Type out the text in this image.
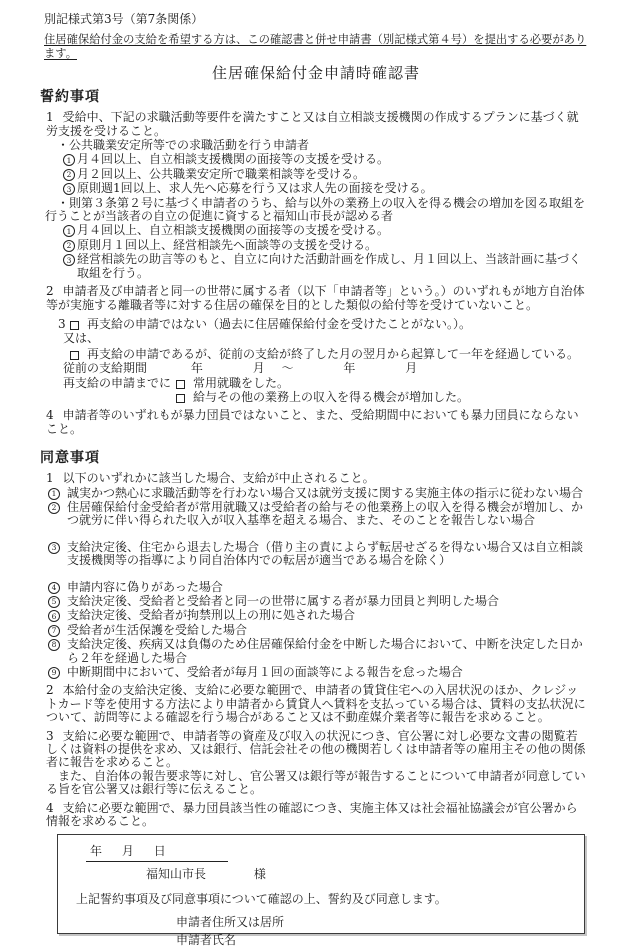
別記様式第3号（第7条関係）
住居確保給付金の支給を希望する方は、この確認書と併せ申請書（別記様式第４号）を提出する必要があります。
住居確保給付金申請時確認書
誓約事項
1 受給中、下記の求職活動等要件を満たすこと又は自立相談支援機関の作成するプランに基づく就労支援を受けること。
・公共職業安定所等での求職活動を行う申請者
1 月４回以上、自立相談支援機関の面接等の支援を受ける。
2 月２回以上、公共職業安定所で職業相談等を受ける。
3 原則週1回以上、求人先へ応募を行う又は求人先の面接を受ける。
・則第３条第２号に基づく申請者のうち、給与以外の業務上の収入を得る機会の増加を図る取組を行うことが当該者の自立の促進に資すると福知山市長が認める者
1 月４回以上、自立相談支援機関の面接等の支援を受ける。
2 原則月１回以上、経営相談先へ面談等の支援を受ける。
3 経営相談先の助言等のもと、自立に向けた活動計画を作成し、月１回以上、当該計画に基づく取組を行う。
2 申請者及び申請者と同一の世帯に属する者（以下「申請者等」という。）のいずれもが地方自治体等が実施する離職者等に対する住居の確保を目的とした類似の給付等を受けていないこと。
3	再支給の申請ではない（過去に住居確保給付金を受けたことがない。）。
又は、
再支給の申請であるが、従前の支給が終了した月の翌月から起算して一年を経過している。
従前の支給期間	年	月 ～	年	月
再支給の申請までに	常用就職をした。
給与その他の業務上の収入を得る機会が増加した。
4 申請者等のいずれもが暴力団員ではないこと、また、受給期間中においても暴力団員にならないこと。
同意事項
1 以下のいずれかに該当した場合、支給が中止されること。
1 誠実かつ熱心に求職活動等を行わない場合又は就労支援に関する実施主体の指示に従わない場合
2 住居確保給付金受給者が常用就職又は受給者の給与その他業務上の収入を得る機会が増加し、かつ就労に伴い得られた収入が収入基準を超える場合、また、そのことを報告しない場合
3 支給決定後、住宅から退去した場合（借り主の責によらず転居せざるを得ない場合又は自立相談支援機関等の指導により同自治体内での転居が適当である場合を除く）
4 申請内容に偽りがあった場合
5 支給決定後、受給者と受給者と同一の世帯に属する者が暴力団員と判明した場合
6 支給決定後、受給者が拘禁刑以上の刑に処された場合
7 受給者が生活保護を受給した場合
8 支給決定後、疾病又は負傷のため住居確保給付金を中断した場合において、中断を決定した日から２年を経過した場合
9 中断期間中において、受給者が毎月１回の面談等による報告を怠った場合
2 本給付金の支給決定後、支給に必要な範囲で、申請者の賃貸住宅への入居状況のほか、クレジットカード等を使用する方法により申請者から賃貸人へ賃料を支払っている場合は、賃料の支払状況について、訪問等による確認を行う場合があること又は不動産媒介業者等に報告を求めること。
3 支給に必要な範囲で、申請者等の資産及び収入の状況につき、官公署に対し必要な文書の閲覧若しくは資料の提供を求め、又は銀行、信託会社その他の機関若しくは申請者等の雇用主その他の関係者に報告を求めること。
また、自治体の報告要求等に対し、官公署又は銀行等が報告することについて申請者が同意している旨を官公署又は銀行等に伝えること。
4 支給に必要な範囲で、暴力団員該当性の確認につき、実施主体又は社会福祉協議会が官公署から情報を求めること。
年 月 日
福知山市長	様
上記誓約事項及び同意事項について確認の上、誓約及び同意します。
申請者住所又は居所
申請者氏名
